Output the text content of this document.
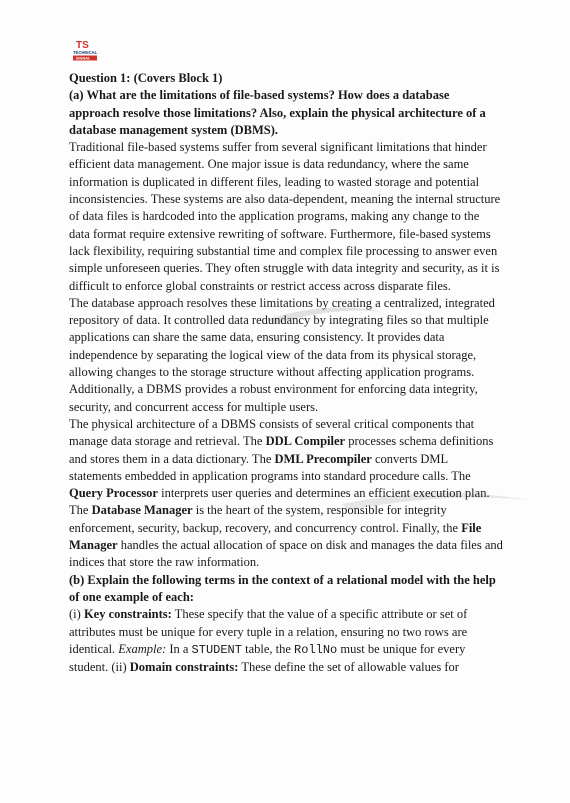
TS
TECHNICAL
SIGNAL

Question 1: (Covers Block 1)

(a) What are the limitations of file-based systems? How does a database approach resolve those limitations? Also, explain the physical architecture of a database management system (DBMS).

Traditional file-based systems suffer from several significant limitations that hinder efficient data management. One major issue is data redundancy, where the same information is duplicated in different files, leading to wasted storage and potential inconsistencies. These systems are also data-dependent, meaning the internal structure of data files is hardcoded into the application programs, making any change to the data format require extensive rewriting of software. Furthermore, file-based systems lack flexibility, requiring substantial time and complex file processing to answer even simple unforeseen queries. They often struggle with data integrity and security, as it is difficult to enforce global constraints or restrict access across disparate files.

The database approach resolves these limitations by creating a centralized, integrated repository of data. It controlled data redundancy by integrating files so that multiple applications can share the same data, ensuring consistency. It provides data independence by separating the logical view of the data from its physical storage, allowing changes to the storage structure without affecting application programs. Additionally, a DBMS provides a robust environment for enforcing data integrity, security, and concurrent access for multiple users.

The physical architecture of a DBMS consists of several critical components that manage data storage and retrieval. The DDL Compiler processes schema definitions and stores them in a data dictionary. The DML Precompiler converts DML statements embedded in application programs into standard procedure calls. The Query Processor interprets user queries and determines an efficient execution plan. The Database Manager is the heart of the system, responsible for integrity enforcement, security, backup, recovery, and concurrency control. Finally, the File Manager handles the actual allocation of space on disk and manages the data files and indices that store the raw information.

(b) Explain the following terms in the context of a relational model with the help of one example of each:

(i) Key constraints: These specify that the value of a specific attribute or set of attributes must be unique for every tuple in a relation, ensuring no two rows are identical. Example: In a STUDENT table, the RollNo must be unique for every student. (ii) Domain constraints: These define the set of allowable values for
